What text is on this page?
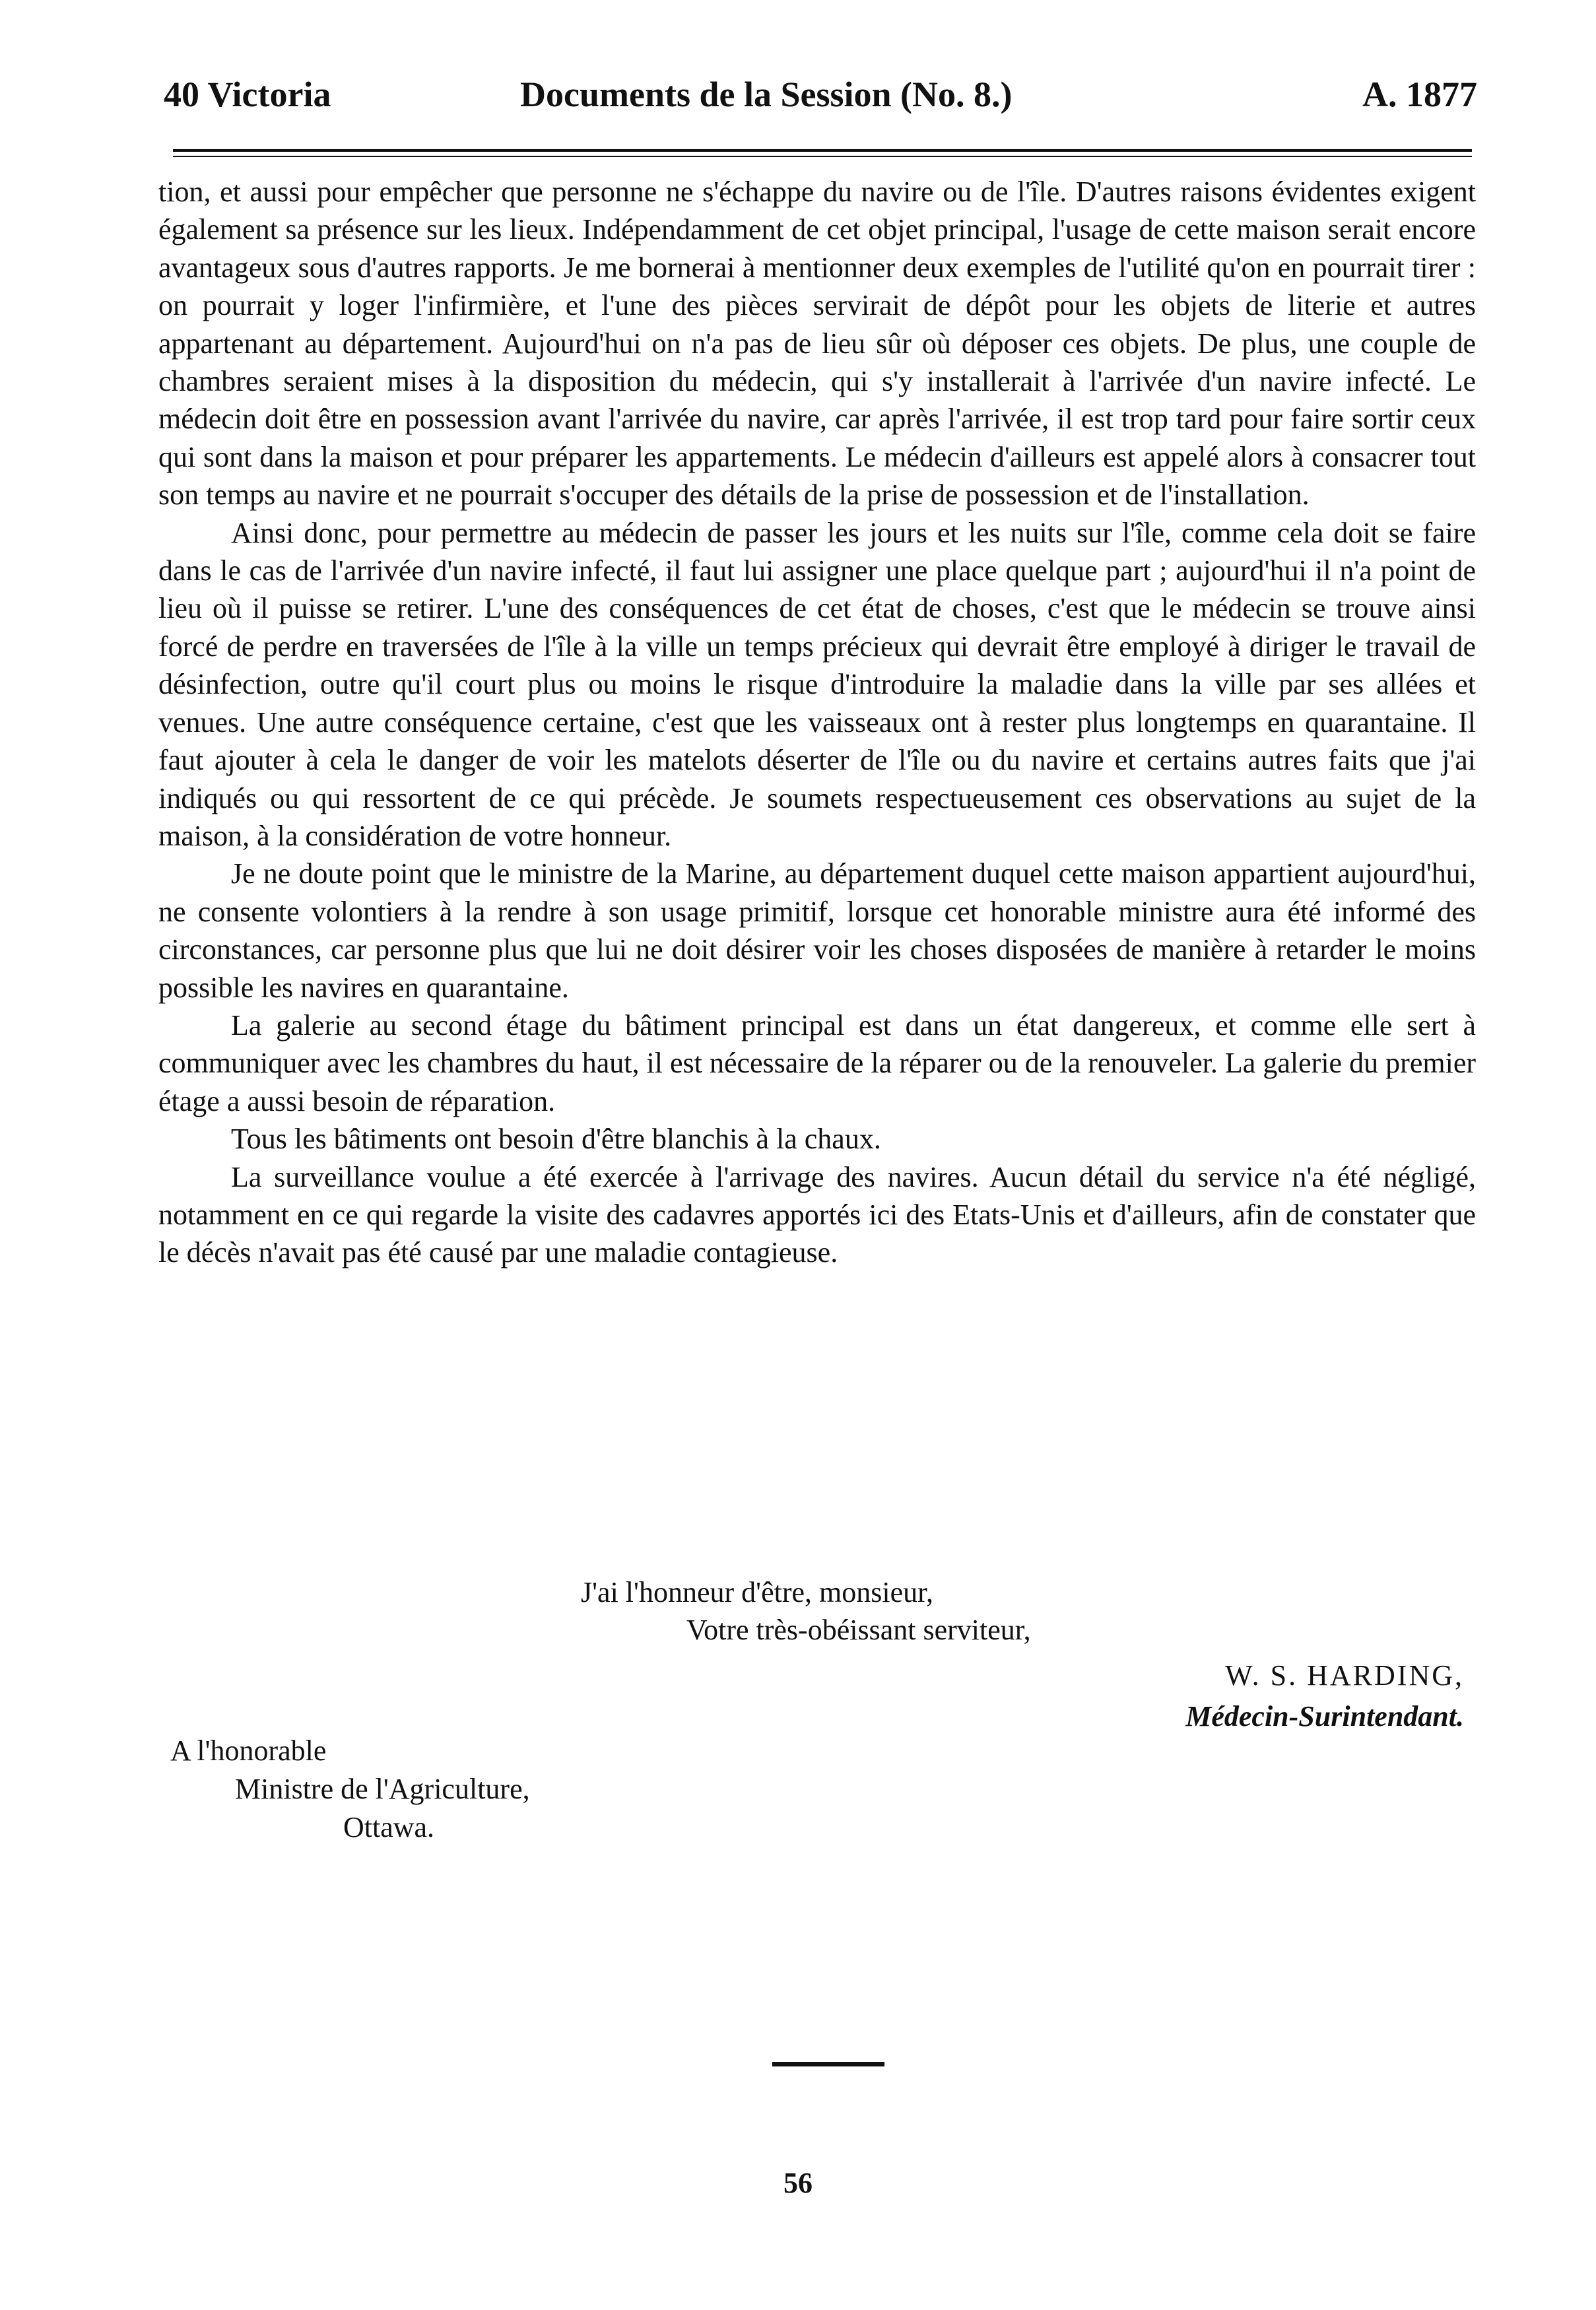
40 Victoria	Documents de la Session (No. 8.)	A. 1877

tion, et aussi pour empêcher que personne ne s'échappe du navire ou de l'île. D'autres raisons évidentes exigent également sa présence sur les lieux. Indépendamment de cet objet principal, l'usage de cette maison serait encore avantageux sous d'autres rapports. Je me bornerai à mentionner deux exemples de l'utilité qu'on en pourrait tirer : on pourrait y loger l'infirmière, et l'une des pièces servirait de dépôt pour les objets de literie et autres appartenant au département. Aujourd'hui on n'a pas de lieu sûr où déposer ces objets. De plus, une couple de chambres seraient mises à la disposition du médecin, qui s'y installerait à l'arrivée d'un navire infecté. Le médecin doit être en possession avant l'arrivée du navire, car après l'arrivée, il est trop tard pour faire sortir ceux qui sont dans la maison et pour préparer les appartements. Le médecin d'ailleurs est appelé alors à consacrer tout son temps au navire et ne pourrait s'occuper des détails de la prise de possession et de l'installation.

Ainsi donc, pour permettre au médecin de passer les jours et les nuits sur l'île, comme cela doit se faire dans le cas de l'arrivée d'un navire infecté, il faut lui assigner une place quelque part ; aujourd'hui il n'a point de lieu où il puisse se retirer. L'une des conséquences de cet état de choses, c'est que le médecin se trouve ainsi forcé de perdre en traversées de l'île à la ville un temps précieux qui devrait être employé à diriger le travail de désinfection, outre qu'il court plus ou moins le risque d'introduire la maladie dans la ville par ses allées et venues. Une autre conséquence certaine, c'est que les vaisseaux ont à rester plus longtemps en quarantaine. Il faut ajouter à cela le danger de voir les matelots déserter de l'île ou du navire et certains autres faits que j'ai indiqués ou qui ressortent de ce qui précède. Je soumets respectueusement ces observations au sujet de la maison, à la considération de votre honneur.

Je ne doute point que le ministre de la Marine, au département duquel cette maison appartient aujourd'hui, ne consente volontiers à la rendre à son usage primitif, lorsque cet honorable ministre aura été informé des circonstances, car personne plus que lui ne doit désirer voir les choses disposées de manière à retarder le moins possible les navires en quarantaine.

La galerie au second étage du bâtiment principal est dans un état dangereux, et comme elle sert à communiquer avec les chambres du haut, il est nécessaire de la réparer ou de la renouveler. La galerie du premier étage a aussi besoin de réparation.

Tous les bâtiments ont besoin d'être blanchis à la chaux.

La surveillance voulue a été exercée à l'arrivage des navires. Aucun détail du service n'a été négligé, notamment en ce qui regarde la visite des cadavres apportés ici des Etats-Unis et d'ailleurs, afin de constater que le décès n'avait pas été causé par une maladie contagieuse.

J'ai l'honneur d'être, monsieur,
Votre très-obéissant serviteur,
W. S. HARDING,
Médecin-Surintendant.
A l'honorable
Ministre de l'Agriculture,
Ottawa.
56
